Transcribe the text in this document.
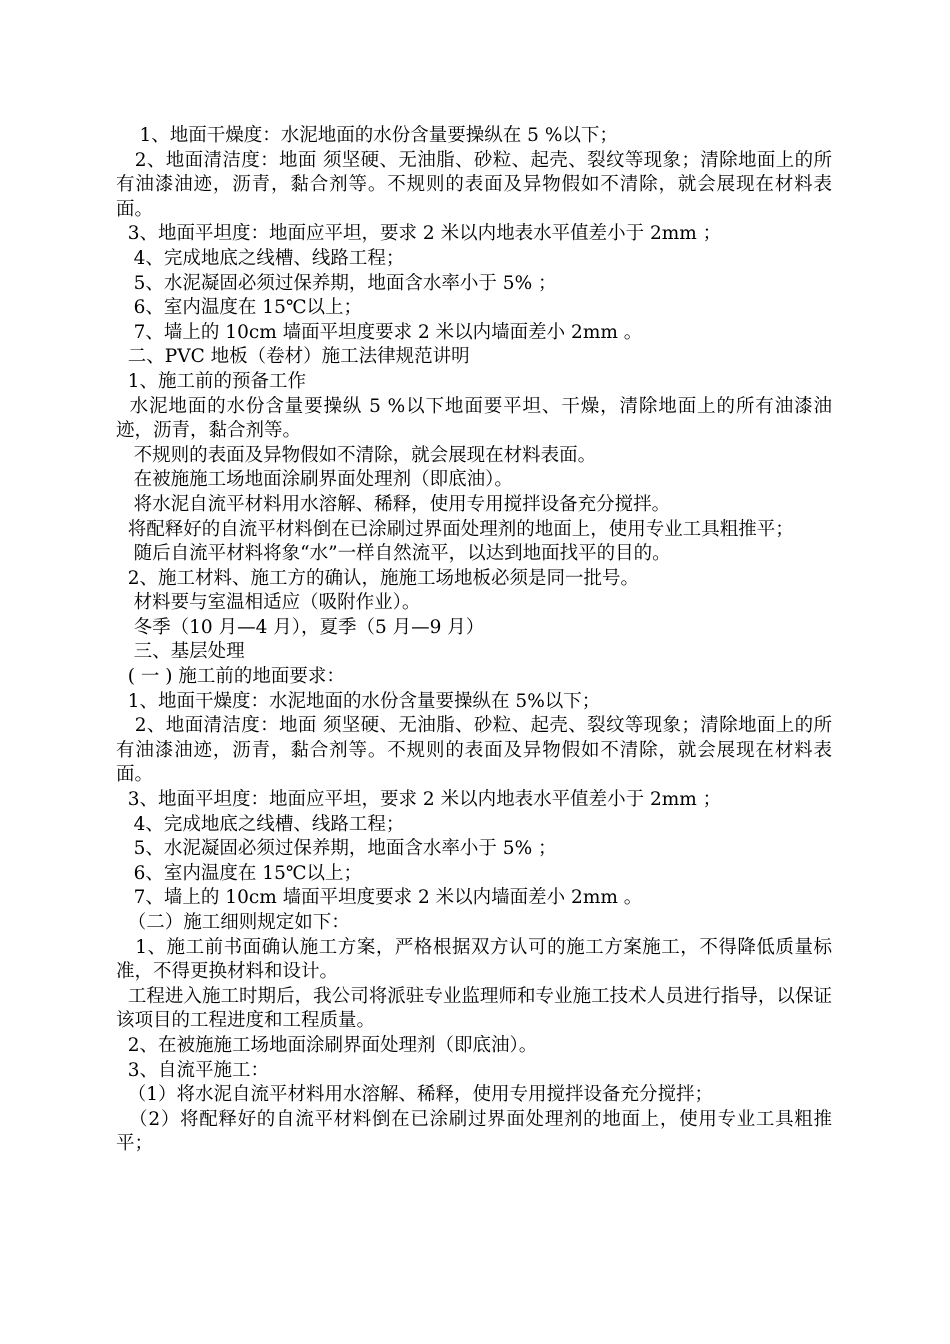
1、地面干燥度：水泥地面的水份含量要操纵在 5 %以下；

2、地面清洁度：地面 须坚硬、无油脂、砂粒、起壳、裂纹等现象；清除地面上的所有油漆油迹，沥青，黏合剂等。不规则的表面及异物假如不清除，就会展现在材料表面。

3、地面平坦度：地面应平坦，要求 2 米以内地表水平值差小于 2mm ；

4、完成地底之线槽、线路工程；

5、水泥凝固必须过保养期，地面含水率小于 5% ；

6、室内温度在 15℃以上；

7、墙上的 10cm 墙面平坦度要求 2 米以内墙面差小 2mm 。

二、PVC 地板（卷材）施工法律规范讲明

1、施工前的预备工作

水泥地面的水份含量要操纵 5 %以下地面要平坦、干燥，清除地面上的所有油漆油迹，沥青，黏合剂等。

不规则的表面及异物假如不清除，就会展现在材料表面。

在被施施工场地面涂刷界面处理剂（即底油）。

将水泥自流平材料用水溶解、稀释，使用专用搅拌设备充分搅拌。

将配释好的自流平材料倒在已涂刷过界面处理剂的地面上，使用专业工具粗推平；

随后自流平材料将象“水”一样自然流平，以达到地面找平的目的。

2、施工材料、施工方的确认，施施工场地板必须是同一批号。

材料要与室温相适应（吸附作业）。

冬季（10 月—4 月），夏季（5 月—9 月）

三、基层处理

( 一 ) 施工前的地面要求：

1、地面干燥度：水泥地面的水份含量要操纵在 5%以下；

2、地面清洁度：地面 须坚硬、无油脂、砂粒、起壳、裂纹等现象；清除地面上的所有油漆油迹，沥青，黏合剂等。不规则的表面及异物假如不清除，就会展现在材料表面。

3、地面平坦度：地面应平坦，要求 2 米以内地表水平值差小于 2mm ；

4、完成地底之线槽、线路工程；

5、水泥凝固必须过保养期，地面含水率小于 5% ；

6、室内温度在 15℃以上；

7、墙上的 10cm 墙面平坦度要求 2 米以内墙面差小 2mm 。

（二）施工细则规定如下：

1、施工前书面确认施工方案，严格根据双方认可的施工方案施工，不得降低质量标准，不得更换材料和设计。

工程进入施工时期后，我公司将派驻专业监理师和专业施工技术人员进行指导，以保证该项目的工程进度和工程质量。

2、在被施施工场地面涂刷界面处理剂（即底油）。

3、自流平施工：

（1）将水泥自流平材料用水溶解、稀释，使用专用搅拌设备充分搅拌；

（2）将配释好的自流平材料倒在已涂刷过界面处理剂的地面上，使用专业工具粗推平；
